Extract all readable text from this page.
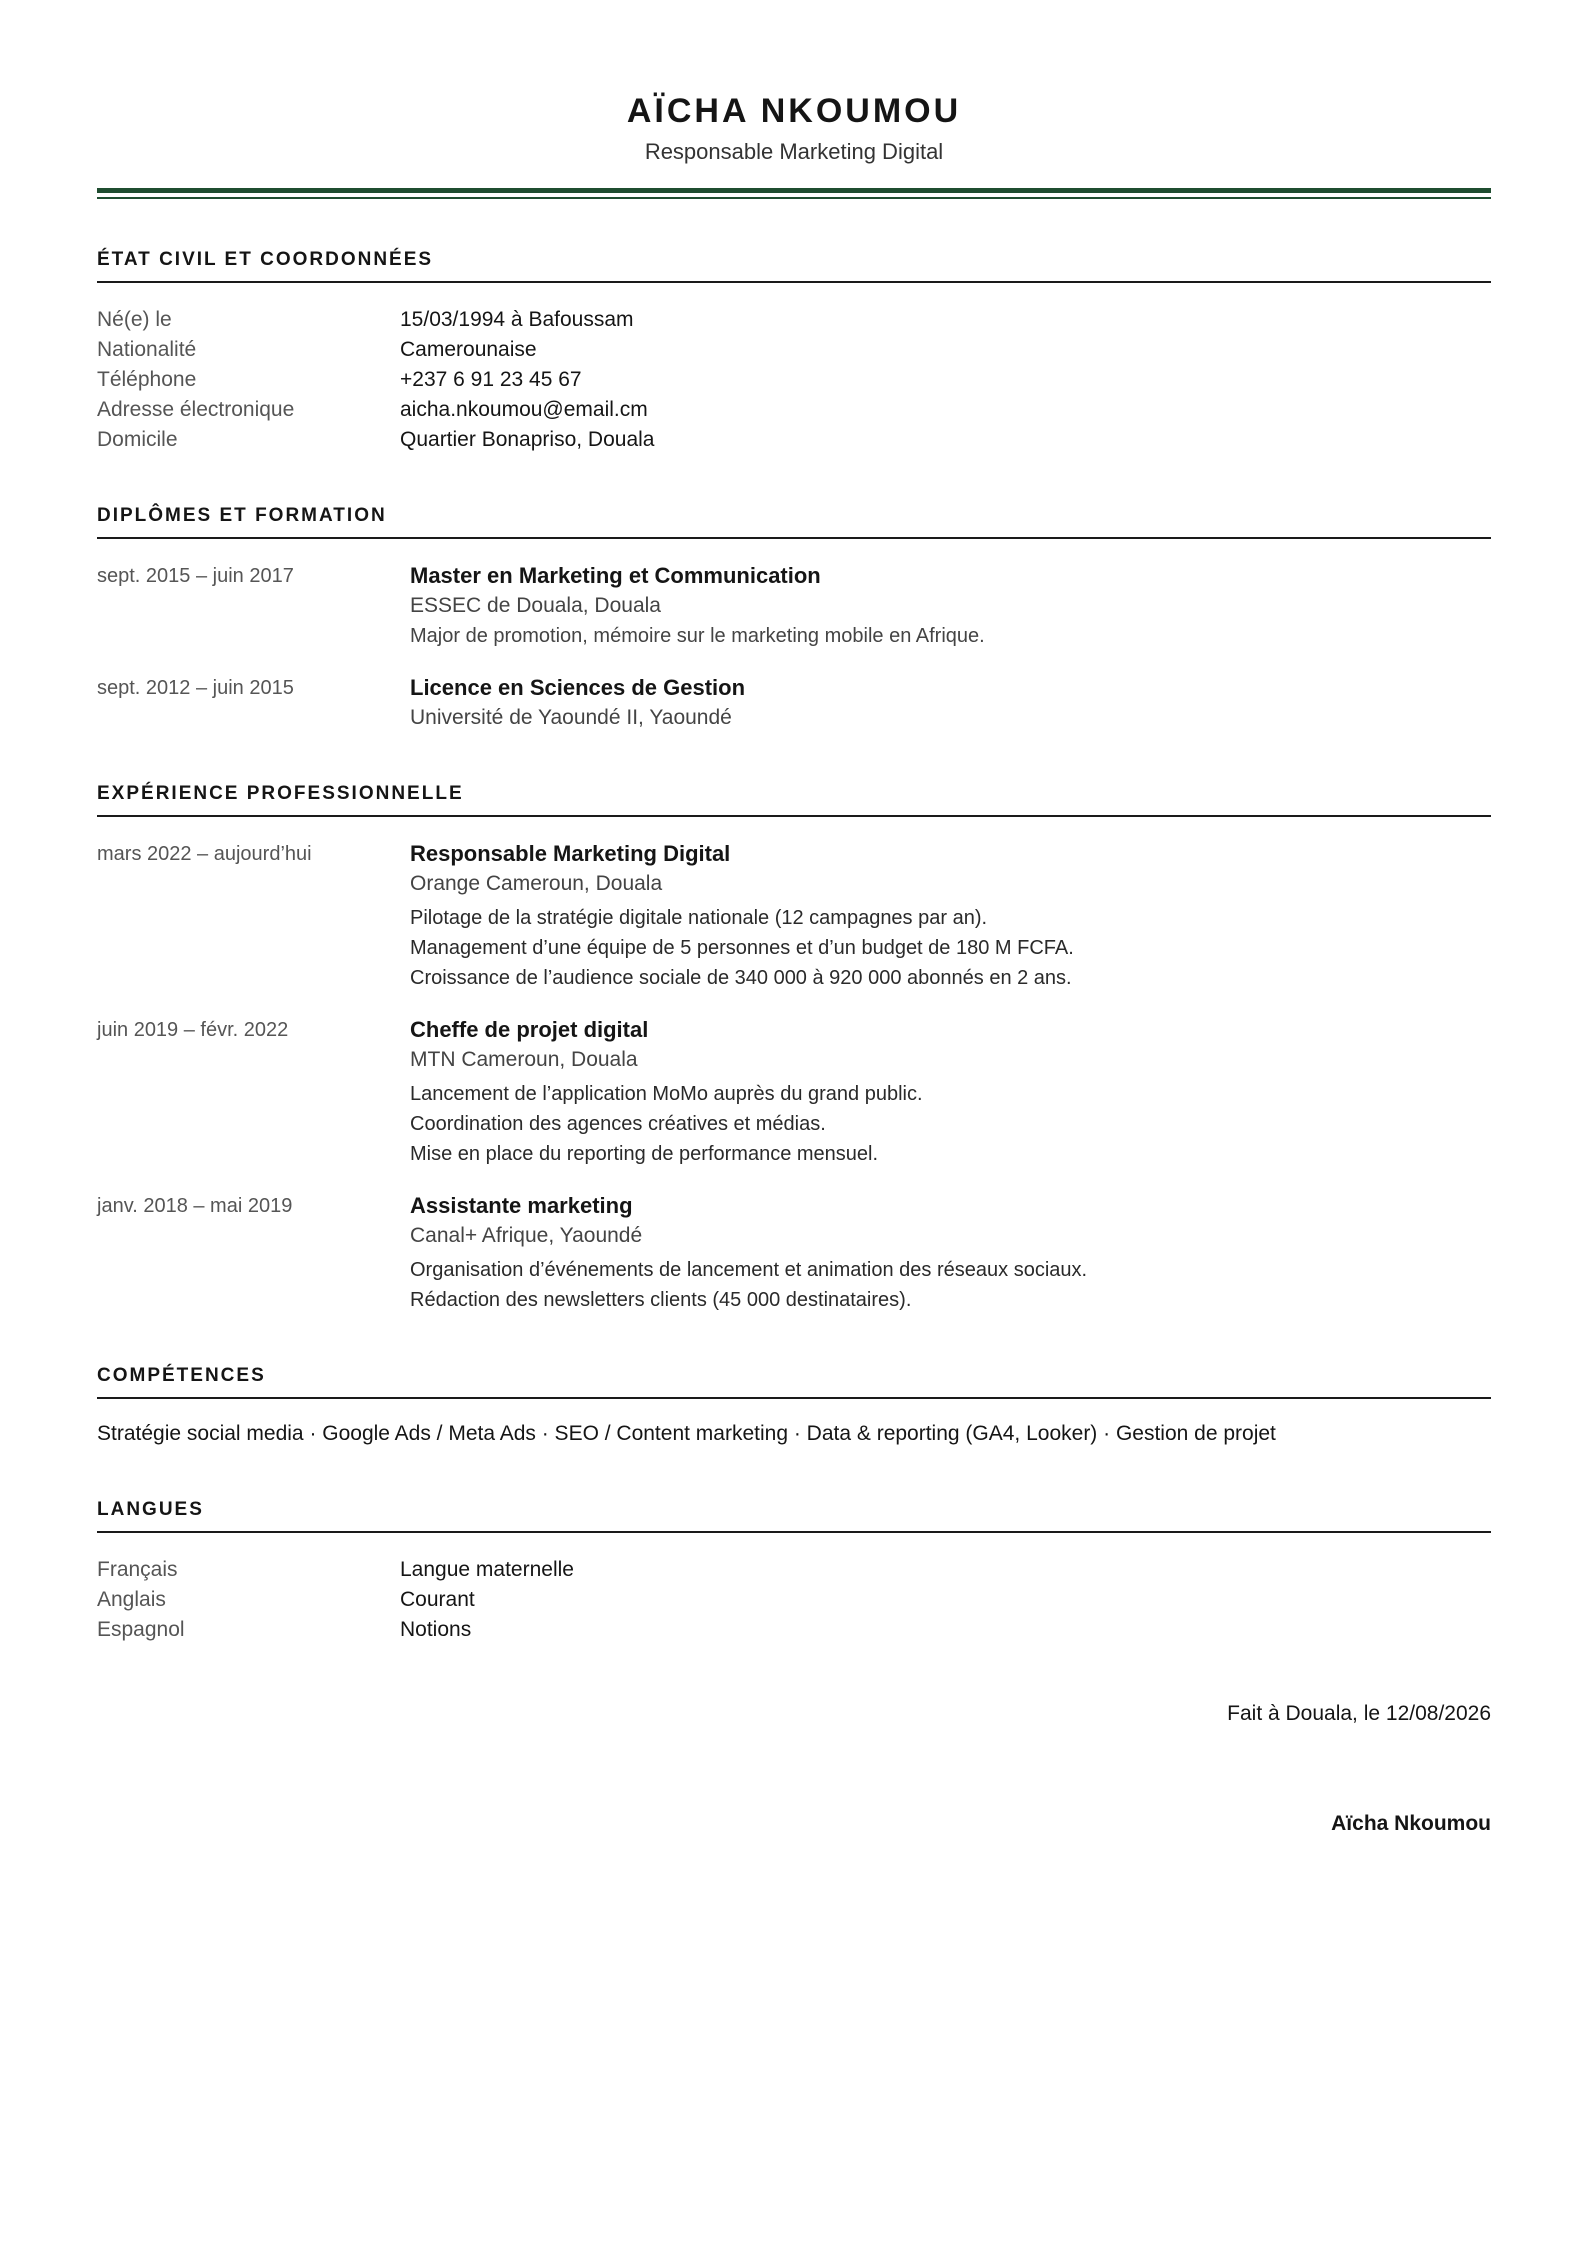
AÏCHA NKOUMOU
Responsable Marketing Digital
ÉTAT CIVIL ET COORDONNÉES
Né(e) le	15/03/1994 à Bafoussam
Nationalité	Camerounaise
Téléphone	+237 6 91 23 45 67
Adresse électronique	aicha.nkoumou@email.cm
Domicile	Quartier Bonapriso, Douala
DIPLÔMES ET FORMATION
sept. 2015 – juin 2017	Master en Marketing et Communication
ESSEC de Douala, Douala
Major de promotion, mémoire sur le marketing mobile en Afrique.
sept. 2012 – juin 2015	Licence en Sciences de Gestion
Université de Yaoundé II, Yaoundé
EXPÉRIENCE PROFESSIONNELLE
mars 2022 – aujourd’hui	Responsable Marketing Digital
Orange Cameroun, Douala
Pilotage de la stratégie digitale nationale (12 campagnes par an).
Management d’une équipe de 5 personnes et d’un budget de 180 M FCFA.
Croissance de l’audience sociale de 340 000 à 920 000 abonnés en 2 ans.
juin 2019 – févr. 2022	Cheffe de projet digital
MTN Cameroun, Douala
Lancement de l’application MoMo auprès du grand public.
Coordination des agences créatives et médias.
Mise en place du reporting de performance mensuel.
janv. 2018 – mai 2019	Assistante marketing
Canal+ Afrique, Yaoundé
Organisation d’événements de lancement et animation des réseaux sociaux.
Rédaction des newsletters clients (45 000 destinataires).
COMPÉTENCES
Stratégie social media · Google Ads / Meta Ads · SEO / Content marketing · Data & reporting (GA4, Looker) · Gestion de projet
LANGUES
Français	Langue maternelle
Anglais	Courant
Espagnol	Notions
Fait à Douala, le 12/08/2026
Aïcha Nkoumou
